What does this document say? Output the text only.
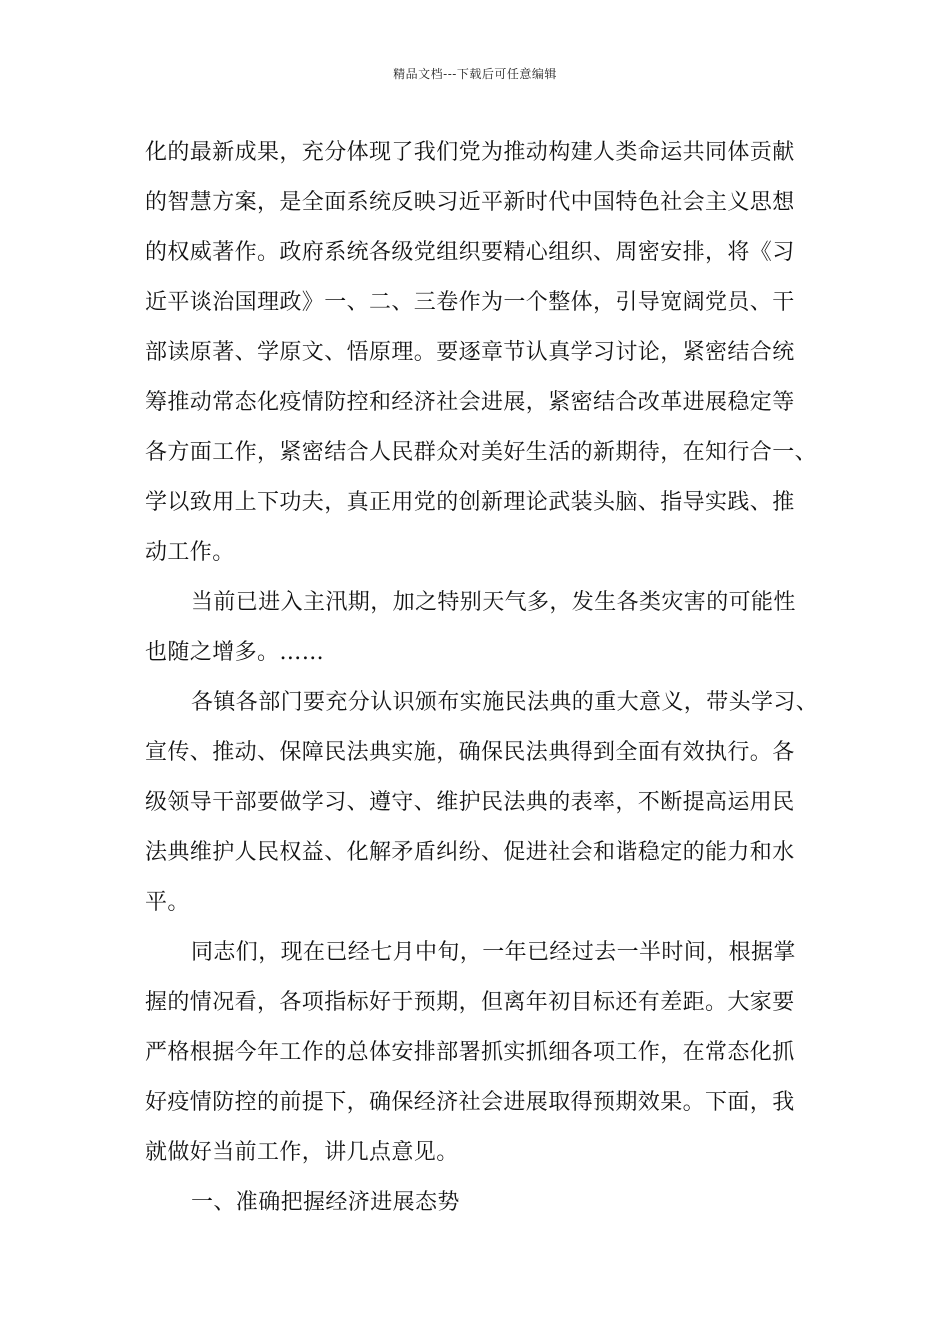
精品文档---下载后可任意编辑
化的最新成果，充分体现了我们党为推动构建人类命运共同体贡献
的智慧方案，是全面系统反映习近平新时代中国特色社会主义思想
的权威著作。政府系统各级党组织要精心组织、周密安排，将《习
近平谈治国理政》一、二、三卷作为一个整体，引导宽阔党员、干
部读原著、学原文、悟原理。要逐章节认真学习讨论，紧密结合统
筹推动常态化疫情防控和经济社会进展，紧密结合改革进展稳定等
各方面工作，紧密结合人民群众对美好生活的新期待，在知行合一、
学以致用上下功夫，真正用党的创新理论武装头脑、指导实践、推
动工作。
当前已进入主汛期，加之特别天气多，发生各类灾害的可能性
也随之增多。……
各镇各部门要充分认识颁布实施民法典的重大意义，带头学习、
宣传、推动、保障民法典实施，确保民法典得到全面有效执行。各
级领导干部要做学习、遵守、维护民法典的表率，不断提高运用民
法典维护人民权益、化解矛盾纠纷、促进社会和谐稳定的能力和水
平。
同志们，现在已经七月中旬，一年已经过去一半时间，根据掌
握的情况看，各项指标好于预期，但离年初目标还有差距。大家要
严格根据今年工作的总体安排部署抓实抓细各项工作，在常态化抓
好疫情防控的前提下，确保经济社会进展取得预期效果。下面，我
就做好当前工作，讲几点意见。
一、准确把握经济进展态势
